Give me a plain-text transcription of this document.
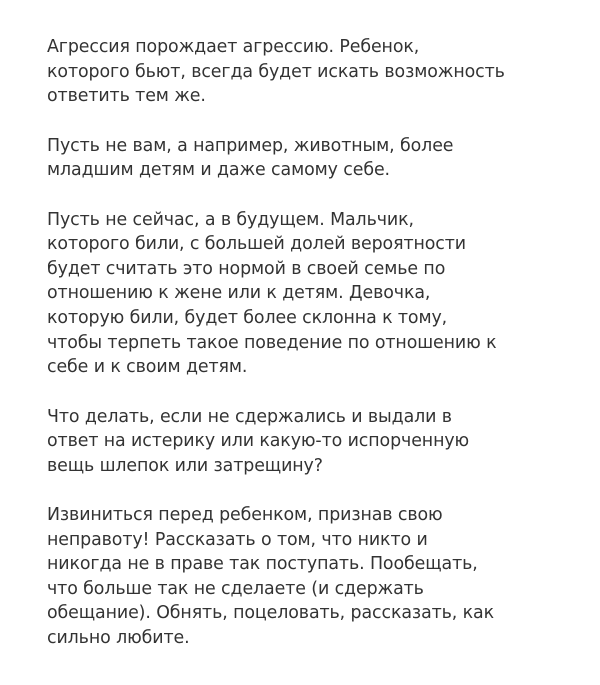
Агрессия порождает агрессию. Ребенок,
которого бьют, всегда будет искать возможность
ответить тем же.

Пусть не вам, а например, животным, более
младшим детям и даже самому себе.

Пусть не сейчас, а в будущем. Мальчик,
которого били, с большей долей вероятности
будет считать это нормой в своей семье по
отношению к жене или к детям. Девочка,
которую били, будет более склонна к тому,
чтобы терпеть такое поведение по отношению к
себе и к своим детям.

Что делать, если не сдержались и выдали в
ответ на истерику или какую-то испорченную
вещь шлепок или затрещину?

Извиниться перед ребенком, признав свою
неправоту! Рассказать о том, что никто и
никогда не в праве так поступать. Пообещать,
что больше так не сделаете (и сдержать
обещание). Обнять, поцеловать, рассказать, как
сильно любите.
